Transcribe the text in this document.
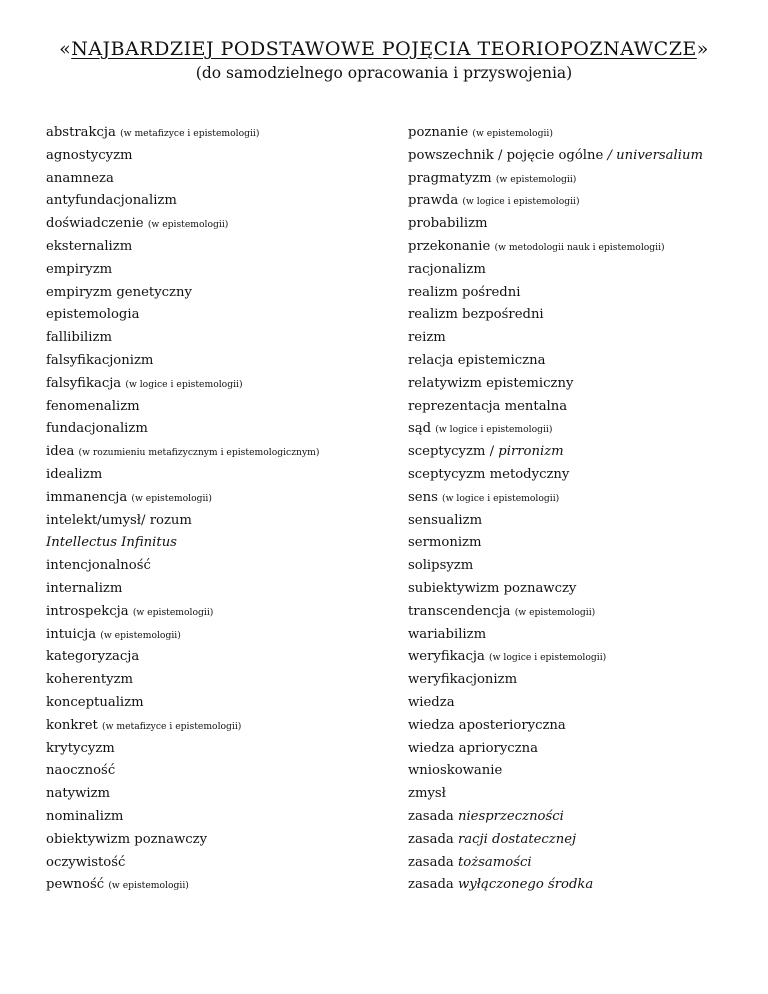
«NAJBARDZIEJ PODSTAWOWE POJĘCIA TEORIOPOZNAWCZE»
(do samodzielnego opracowania i przyswojenia)
abstrakcja (w metafizyce i epistemologii)
agnostycyzm
anamneza
antyfundacjonalizm
doświadczenie (w epistemologii)
eksternalizm
empiryzm
empiryzm genetyczny
epistemologia
fallibilizm
falsyfikacjonizm
falsyfikacja (w logice i epistemologii)
fenomenalizm
fundacjonalizm
idea (w rozumieniu metafizycznym i epistemologicznym)
idealizm
immanencja (w epistemologii)
intelekt/umysł/ rozum
Intellectus Infinitus
intencjonalność
internalizm
introspekcja (w epistemologii)
intuicja (w epistemologii)
kategoryzacja
koherentyzm
konceptualizm
konkret (w metafizyce i epistemologii)
krytycyzm
naoczność
natywizm
nominalizm
obiektywizm poznawczy
oczywistość
pewność (w epistemologii)
poznanie (w epistemologii)
powszechnik / pojęcie ogólne / universalium
pragmatyzm (w epistemologii)
prawda (w logice i epistemologii)
probabilizm
przekonanie (w metodologii nauk i epistemologii)
racjonalizm
realizm pośredni
realizm bezpośredni
reizm
relacja epistemiczna
relatywizm epistemiczny
reprezentacja mentalna
sąd (w logice i epistemologii)
sceptycyzm / pirronizm
sceptycyzm metodyczny
sens (w logice i epistemologii)
sensualizm
sermonizm
solipsyzm
subiektywizm poznawczy
transcendencja (w epistemologii)
wariabilizm
weryfikacja (w logice i epistemologii)
weryfikacjonizm
wiedza
wiedza aposterioryczna
wiedza aprioryczna
wnioskowanie
zmysł
zasada niesprzeczności
zasada racji dostatecznej
zasada tożsamości
zasada wyłączonego środka
